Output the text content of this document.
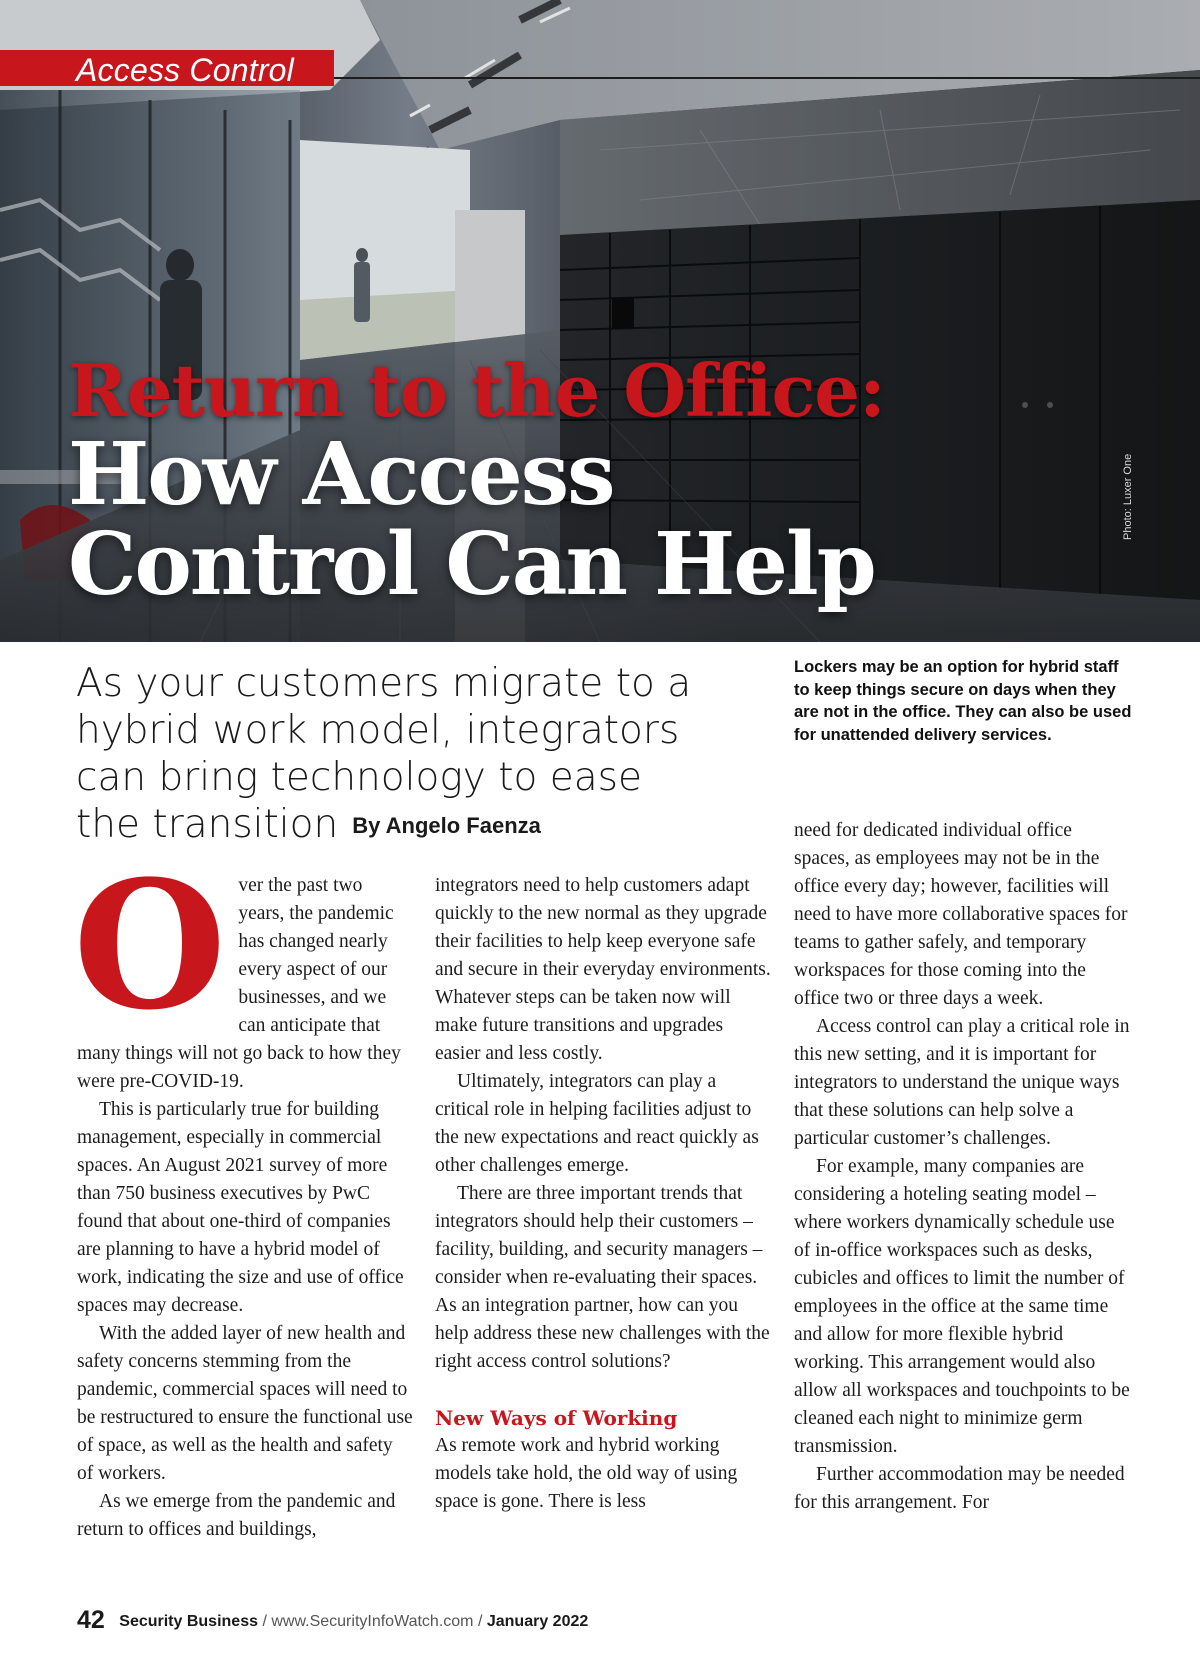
Access Control
Return to the Office:
How Access
Control Can Help
Photo: Luxer One
As your customers migrate to a hybrid work model, integrators can bring technology to ease the transition By Angelo Faenza
Lockers may be an option for hybrid staff to keep things secure on days when they are not in the office. They can also be used for unattended delivery services.
O ver the past two years, the pandemic has changed nearly every aspect of our businesses, and we can anticipate that many things will not go back to how they were pre-COVID-19.

This is particularly true for building management, especially in commercial spaces. An August 2021 survey of more than 750 business executives by PwC found that about one-third of companies are planning to have a hybrid model of work, indicating the size and use of office spaces may decrease.

With the added layer of new health and safety concerns stemming from the pandemic, commercial spaces will need to be restructured to ensure the functional use of space, as well as the health and safety of workers.

As we emerge from the pandemic and return to offices and buildings,

integrators need to help customers adapt quickly to the new normal as they upgrade their facilities to help keep everyone safe and secure in their everyday environments. Whatever steps can be taken now will make future transitions and upgrades easier and less costly.

Ultimately, integrators can play a critical role in helping facilities adjust to the new expectations and react quickly as other challenges emerge.

There are three important trends that integrators should help their customers – facility, building, and security managers – consider when re-evaluating their spaces. As an integration partner, how can you help address these new challenges with the right access control solutions?

New Ways of Working

As remote work and hybrid working models take hold, the old way of using space is gone. There is less

need for dedicated individual office spaces, as employees may not be in the office every day; however, facilities will need to have more collaborative spaces for teams to gather safely, and temporary workspaces for those coming into the office two or three days a week.

Access control can play a critical role in this new setting, and it is important for integrators to understand the unique ways that these solutions can help solve a particular customer’s challenges.

For example, many companies are considering a hoteling seating model – where workers dynamically schedule use of in-office workspaces such as desks, cubicles and offices to limit the number of employees in the office at the same time and allow for more flexible hybrid working. This arrangement would also allow all workspaces and touchpoints to be cleaned each night to minimize germ transmission.

Further accommodation may be needed for this arrangement. For

42 Security Business / www.SecurityInfoWatch.com / January 2022
